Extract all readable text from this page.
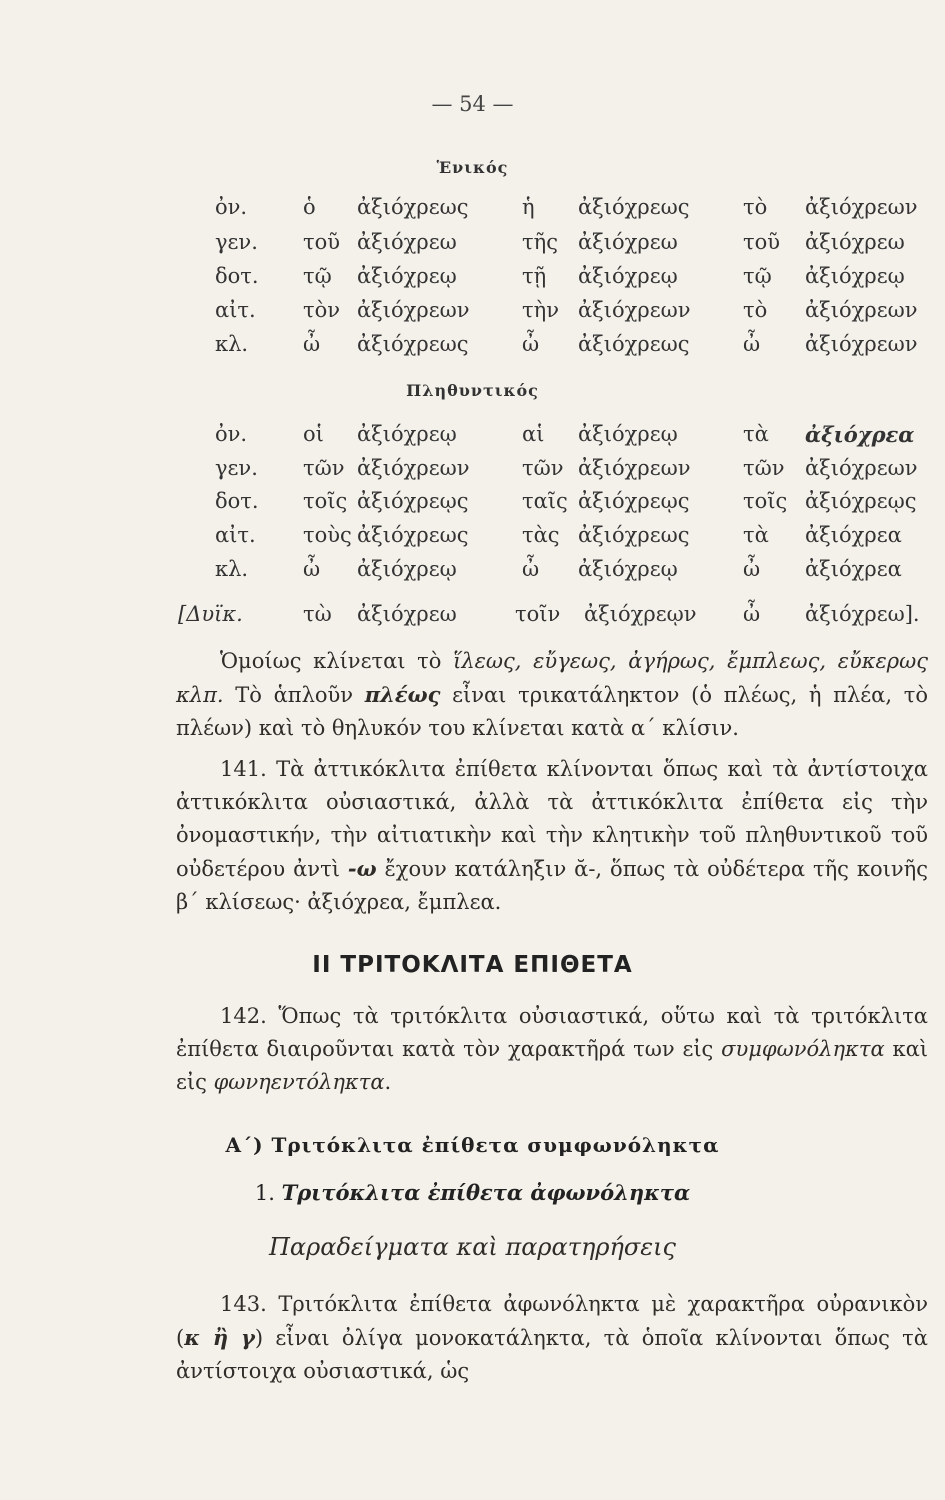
— 54 —
Ἑνικός
ὀν.	ὁ ἀξιόχρεως	ἡ ἀξιόχρεως	τὸ ἀξιόχρεων
γεν. τοῦ ἀξιόχρεω	τῆς ἀξιόχρεω	τοῦ ἀξιόχρεω
δοτ. τῷ ἀξιόχρεῳ	τῇ ἀξιόχρεῳ	τῷ ἀξιόχρεῳ
αἰτ. τὸν ἀξιόχρεων	τὴν ἀξιόχρεων	τὸ ἀξιόχρεων
κλ.	ὦ ἀξιόχρεως	ὦ ἀξιόχρεως	ὦ ἀξιόχρεων
Πληθυντικός
ὀν.	οἱ ἀξιόχρεῳ	αἱ ἀξιόχρεῳ	τὰ ἀξιόχρεα
γεν. τῶν ἀξιόχρεων	τῶν ἀξιόχρεων	τῶν ἀξιόχρεων
δοτ. τοῖς ἀξιόχρεῳς	ταῖς ἀξιόχρεῳς	τοῖς ἀξιόχρεῳς
αἰτ. τοὺς ἀξιόχρεως	τὰς ἀξιόχρεως	τὰ ἀξιόχρεα
κλ.	ὦ ἀξιόχρεῳ	ὦ ἀξιόχρεῳ	ὦ ἀξιόχρεα
[Δυϊκ.	τὼ ἀξιόχρεω	τοῖν ἀξιόχρεῳν ὦ ἀξιόχρεω].

Ὁμοίως κλίνεται τὸ ἵλεως, εὔγεως, ἀγήρως, ἔμπλεως, εὔκερως κλπ. Τὸ ἁπλοῦν πλέως εἶναι τρικατάληκτον (ὁ πλέως, ἡ πλέα, τὸ πλέων) καὶ τὸ θηλυκόν του κλίνεται κατὰ α΄ κλίσιν.

141. Τὰ ἀττικόκλιτα ἐπίθετα κλίνονται ὅπως καὶ τὰ ἀντίστοιχα ἀττικόκλιτα οὐσιαστικά, ἀλλὰ τὰ ἀττικόκλιτα ἐπίθετα εἰς τὴν ὀνομαστικήν, τὴν αἰτιατικὴν καὶ τὴν κλητικὴν τοῦ πληθυντικοῦ τοῦ οὐδετέρου ἀντὶ -ω ἔχουν κατάληξιν ᾰ-, ὅπως τὰ οὐδέτερα τῆς κοινῆς β΄ κλίσεως· ἀξιόχρεα, ἔμπλεα.

II ΤΡΙΤΟΚΛΙΤΑ ΕΠΙΘΕΤΑ

142. Ὅπως τὰ τριτόκλιτα οὐσιαστικά, οὕτω καὶ τὰ τριτόκλιτα ἐπίθετα διαιροῦνται κατὰ τὸν χαρακτῆρά των εἰς συμφωνόληκτα καὶ εἰς φωνηεντόληκτα.

Α΄) Τριτόκλιτα ἐπίθετα συμφωνόληκτα
1. Τριτόκλιτα ἐπίθετα ἀφωνόληκτα
Παραδείγματα καὶ παρατηρήσεις

143. Τριτόκλιτα ἐπίθετα ἀφωνόληκτα μὲ χαρακτῆρα οὐρανικὸν (κ ἢ γ) εἶναι ὀλίγα μονοκατάληκτα, τὰ ὁποῖα κλίνονται ὅπως τὰ ἀντίστοιχα οὐσιαστικά, ὡς
